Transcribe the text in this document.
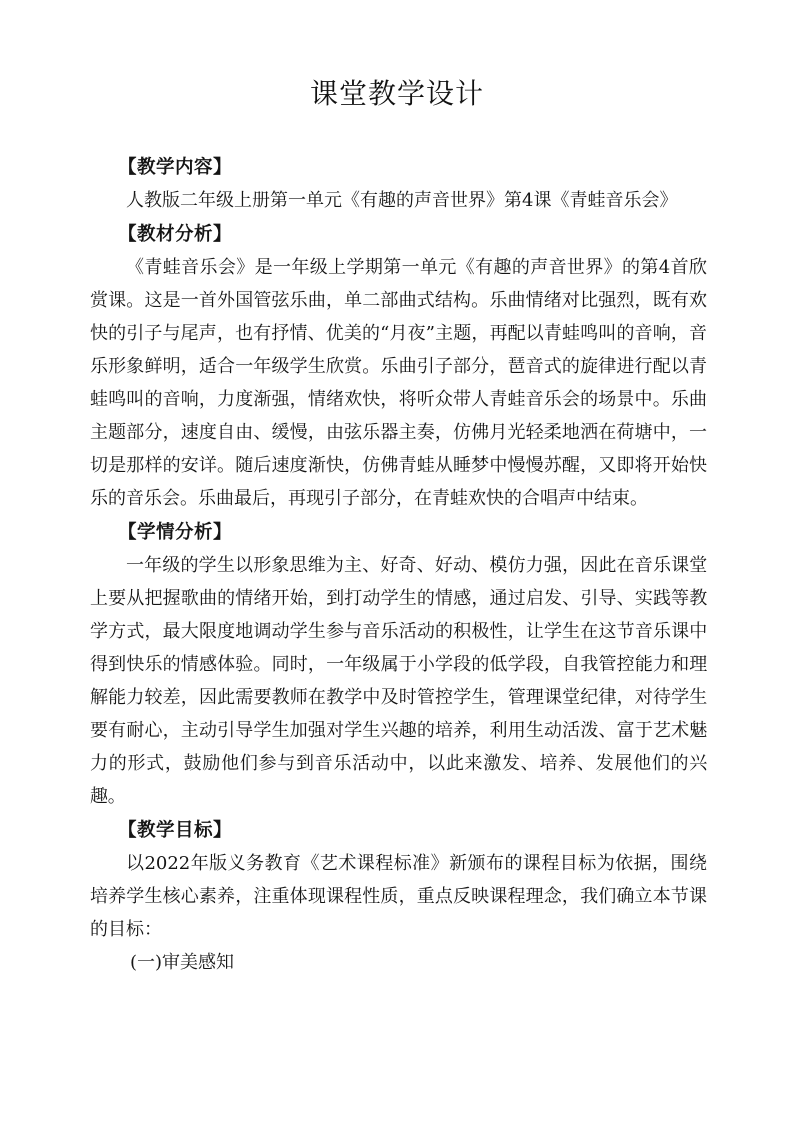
课堂教学设计
【教学内容】

人教版二年级上册第一单元《有趣的声音世界》第4课《青蛙音乐会》

【教材分析】

《青蛙音乐会》是一年级上学期第一单元《有趣的声音世界》的第4首欣赏课。这是一首外国管弦乐曲，单二部曲式结构。乐曲情绪对比强烈，既有欢快的引子与尾声，也有抒情、优美的“月夜”主题，再配以青蛙鸣叫的音响，音乐形象鲜明，适合一年级学生欣赏。乐曲引子部分，琶音式的旋律进行配以青蛙鸣叫的音响，力度渐强，情绪欢快，将听众带人青蛙音乐会的场景中。乐曲主题部分，速度自由、缓慢，由弦乐器主奏，仿佛月光轻柔地洒在荷塘中，一切是那样的安详。随后速度渐快，仿佛青蛙从睡梦中慢慢苏醒，又即将开始快乐的音乐会。乐曲最后，再现引子部分，在青蛙欢快的合唱声中结束。

【学情分析】

一年级的学生以形象思维为主、好奇、好动、模仿力强，因此在音乐课堂上要从把握歌曲的情绪开始，到打动学生的情感，通过启发、引导、实践等教学方式，最大限度地调动学生参与音乐活动的积极性，让学生在这节音乐课中得到快乐的情感体验。同时，一年级属于小学段的低学段，自我管控能力和理解能力较差，因此需要教师在教学中及时管控学生，管理课堂纪律，对待学生要有耐心，主动引导学生加强对学生兴趣的培养，利用生动活泼、富于艺术魅力的形式，鼓励他们参与到音乐活动中，以此来激发、培养、发展他们的兴趣。

【教学目标】

以2022年版义务教育《艺术课程标准》新颁布的课程目标为依据，围绕培养学生核心素养，注重体现课程性质，重点反映课程理念，我们确立本节课的目标：

(一)审美感知
